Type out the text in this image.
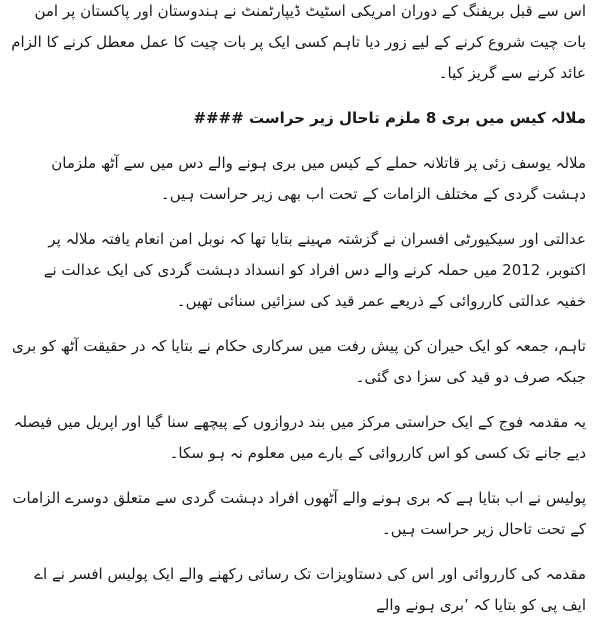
اس سے قبل بریفنگ کے دوران امریکی اسٹیٹ ڈیپارٹمنٹ نے ہندوستان اور پاکستان پر امن بات چیت شروع کرنے کے لیے زور دیا تاہم کسی ایک پر بات چیت کا عمل معطل کرنے کا الزام عائد کرنے سے گریز کیا۔

ملالہ کیس میں بری 8 ملزم تاحال زیر حراست ####

ملالہ یوسف زئی پر قاتلانہ حملے کے کیس میں بری ہونے والے دس میں سے آٹھ ملزمان دہشت گردی کے مختلف الزامات کے تحت اب بھی زیر حراست ہیں۔

عدالتی اور سیکیورٹی افسران نے گزشتہ مہینے بتایا تھا کہ نوبل امن انعام یافتہ ملالہ پر اکتوبر، 2012 میں حملہ کرنے والے دس افراد کو انسداد دہشت گردی کی ایک عدالت نے خفیہ عدالتی کارروائی کے ذریعے عمر قید کی سزائیں سنائی تھیں۔

تاہم، جمعہ کو ایک حیران کن پیش رفت میں سرکاری حکام نے بتایا کہ در حقیقت آٹھ کو بری جبکہ صرف دو قید کی سزا دی گئی۔

یہ مقدمہ فوج کے ایک حراستی مرکز میں بند دروازوں کے پیچھے سنا گیا اور اپریل میں فیصلہ دیے جانے تک کسی کو اس کارروائی کے بارے میں معلوم نہ ہو سکا۔

پولیس نے اب بتایا ہے کہ بری ہونے والے آٹھوں افراد دہشت گردی سے متعلق دوسرے الزامات کے تحت تاحال زیر حراست ہیں۔

مقدمہ کی کارروائی اور اس کی دستاویزات تک رسائی رکھنے والے ایک پولیس افسر نے اے ایف پی کو بتایا کہ ’بری ہونے والے
